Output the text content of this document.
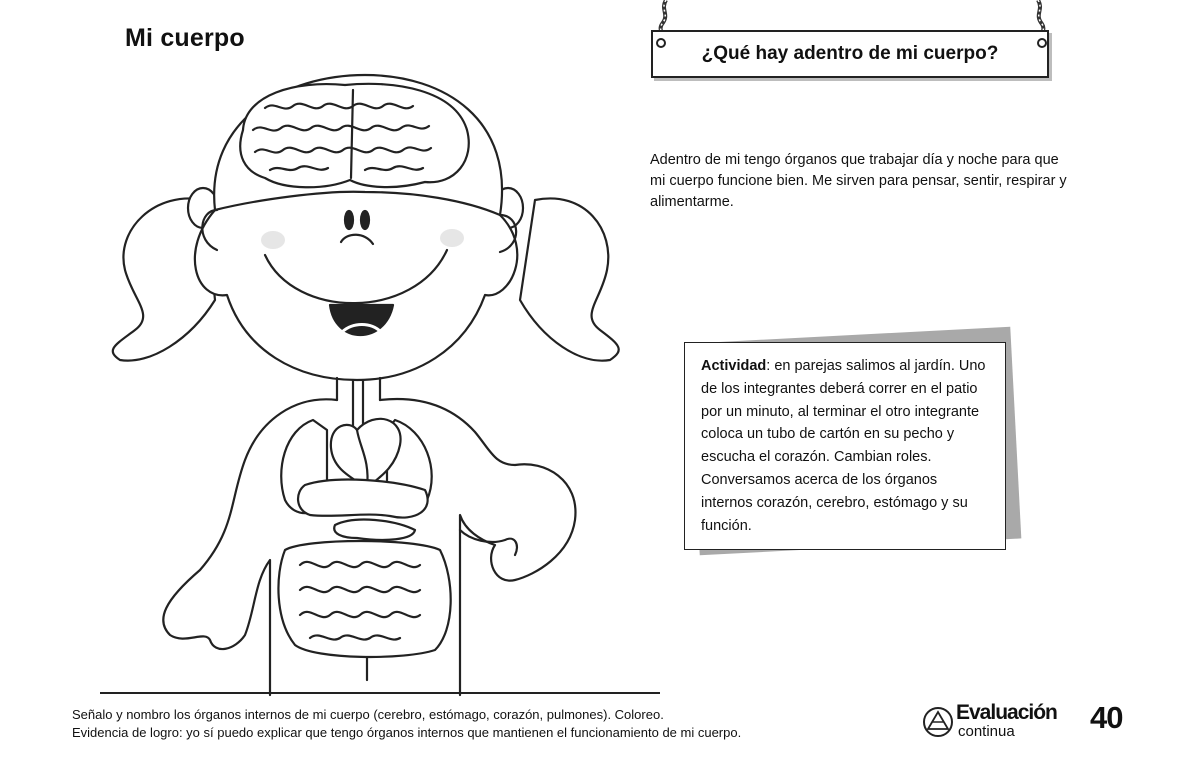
Mi cuerpo
¿Qué hay adentro de mi cuerpo?
Adentro de mi tengo órganos que trabajar día y noche para que mi cuerpo funcione bien. Me sirven para pensar, sentir, respirar y alimentarme.
Actividad: en parejas salimos al jardín. Uno de los integrantes deberá correr en el patio por un minuto, al terminar el otro integrante coloca un tubo de cartón en su pecho y escucha el corazón. Cambian roles. Conversamos acerca de los órganos internos corazón, cerebro, estómago y su función.
Señalo y nombro los órganos internos de mi cuerpo (cerebro, estómago, corazón, pulmones). Coloreo.
Evidencia de logro: yo sí puedo explicar que tengo órganos internos que mantienen el funcionamiento de mi cuerpo.
Evaluación
continua 40
